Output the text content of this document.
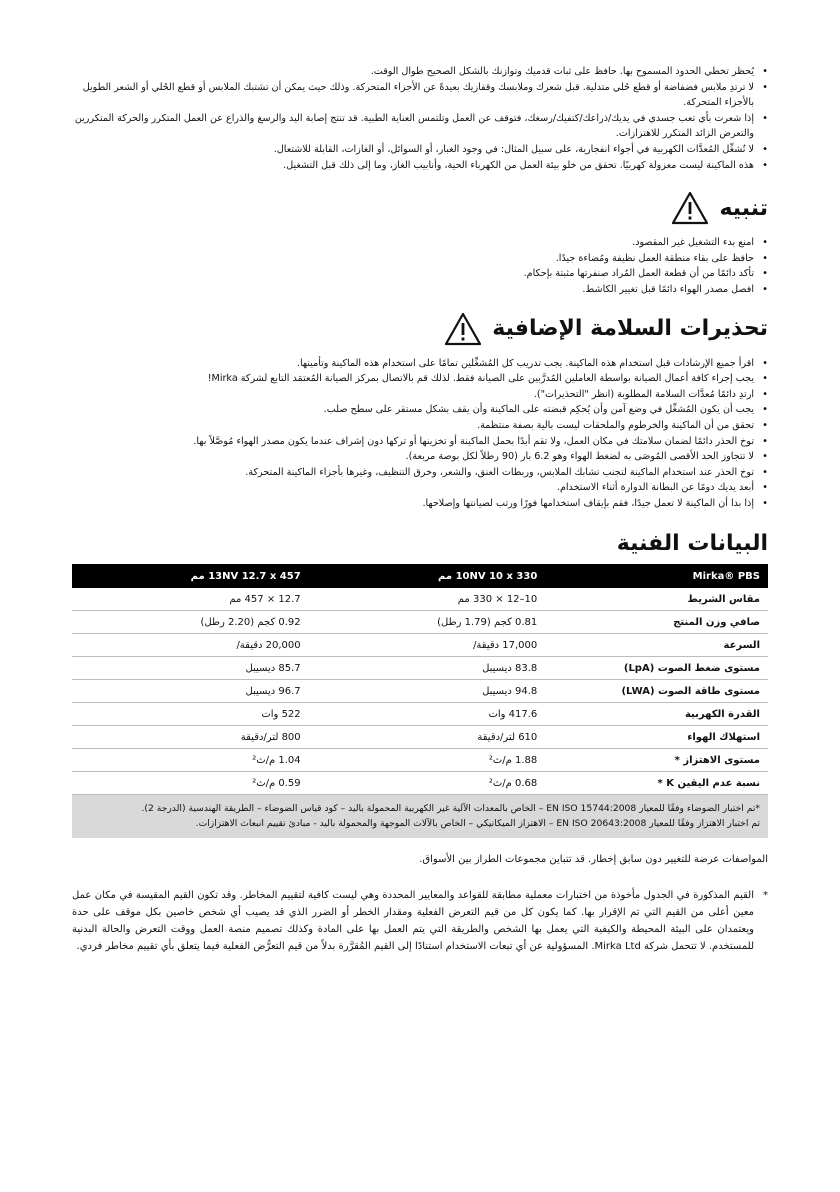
• يُحظر تخطي الحدود المسموح بها. حافظ على ثبات قدميك وتوازنك بالشكل الصحيح طوال الوقت.
• لا ترتدِ ملابس فضفاضة أو قطع حُلي متدلية. قبل شعرك وملابسك وقفازيك بعيدةً عن الأجزاء المتحركة. وذلك حيث يمكن أن تشتبك الملابس أو قطع الحُلي أو الشعر الطويل بالأجزاء المتحركة.
• إذا شعرت بأي تعب جسدي في يديك/ذراعك/كتفيك/رسغك، فتوقف عن العمل وتلتمس العناية الطبية. قد تنتج إصابة اليد والرسغ والذراع عن العمل المتكرر والحركة المتكررين والتعرض الزائد المتكرر للاهتزازات.
• لا تُشغِّل المُعدَّات الكهربية في أجواء انفجارية، على سبيل المثال: في وجود الغبار، أو السوائل، أو الغازات، القابلة للاشتعال.
• هذه الماكينة ليست معزولة كهربيًا. تحقق من خلو بيئة العمل من الكهرباء الحية، وأنابيب الغاز، وما إلى ذلك قبل التشغيل.
تنبيه
• امنع بدء التشغيل غير المقصود.
• حافظ على بقاء منطقة العمل نظيفة ومُضاءة جيدًا.
• تأكد دائمًا من أن قطعة العمل المُراد صنفرتها مثبتة بإحكام.
• افصل مصدر الهواء دائمًا قبل تغيير الكاشط.
تحذيرات السلامة الإضافية
• اقرأ جميع الإرشادات قبل استخدام هذه الماكينة. يجب تدريب كل المُشغِّلين تمامًا على استخدام هذه الماكينة وتأمينها.
• يجب إجراء كافة أعمال الصيانة بواسطة العاملين المُدرَّبين على الصيانة فقط. لذلك قم بالاتصال بمركز الصيانة المُعتمَد التابع لشركة Mirka!
• ارتدِ دائمًا مُعدَّات السلامة المطلوبة (انظر "التحذيرات").
• يجب أن يكون المُشغِّل في وضع آمن وأن يُحكِم قبضته على الماكينة وأن يقف بشكل مستقر على سطح صلب.
• تحقق من أن الماكينة والخرطوم والملحقات ليست بالية بصفة منتظمة.
• توخ الحذر دائمًا لضمان سلامتك في مكان العمل، ولا تقم أبدًا بحمل الماكينة أو تخزينها أو تركها دون إشراف عندما يكون مصدر الهواء مُوصَّلاً بها.
• لا تتجاوز الحد الأقصى المُوصَى به لضغط الهواء وهو 6.2 بار (90 رطلاً لكل بوصة مربعة).
• توخ الحذر عند استخدام الماكينة لتجنب تشابك الملابس، وربطات العنق، والشعر، وخرق التنظيف، وغيرها بأجزاء الماكينة المتحركة.
• أبعد يديك دومًا عن البطانة الدوارة أثناء الاستخدام.
• إذا بدا أن الماكينة لا تعمل جيدًا، فقم بإيقاف استخدامها فورًا ورتب لصيانتها وإصلاحها.
البيانات الفنية
Mirka® PBS	10NV 10 x 330 مم	13NV 12.7 x 457 مم
مقاس الشريط	10–12 × 330 مم	12.7 × 457 مم
صافي وزن المنتج	0.81 كجم (1.79 رطل)	0.92 كجم (2.20 رطل)
السرعة	17,000 دقيقة/	20,000 دقيقة/
مستوى ضغط الصوت (LpA)	83.8 ديسيبل	85.7 ديسيبل
مستوى طاقة الصوت (LWA)	94.8 ديسيبل	96.7 ديسيبل
القدرة الكهربية	417.6 وات	522 وات
استهلاك الهواء	610 لتر/دقيقة	800 لتر/دقيقة
مستوى الاهتزاز *	1.88 م/ث²	1.04 م/ث²
نسبة عدم اليقين K *	0.68 م/ث²	0.59 م/ث²
*تم اختبار الضوضاء وفقًا للمعيار EN ISO 15744:2008 – الخاص بالمعدات الآلية غير الكهربية المحمولة باليد – كود قياس الضوضاء – الطريقة الهندسية (الدرجة 2).
تم اختبار الاهتزاز وفقًا للمعيار EN ISO 20643:2008 – الاهتزاز الميكانيكي – الخاص بالآلات الموجهة والمحمولة باليد - مبادئ تقييم انبعاث الاهتزازات.
المواصفات عرضة للتغيير دون سابق إخطار. قد تتباين مجموعات الطراز بين الأسواق.
*
القيم المذكورة في الجدول مأخوذة من اختبارات معملية مطابقة للقواعد والمعايير المحددة وهي ليست كافية لتقييم المخاطر. وقد تكون القيم المقيسة في مكان عمل معين أعلى من القيم التي تم الإقرار بها. كما يكون كل من قيم التعرض الفعلية ومقدار الخطر أو الضرر الذي قد يصيب أي شخص خاصين بكل موقف على حدة ويعتمدان على البيئة المحيطة والكيفية التي يعمل بها الشخص والطريقة التي يتم العمل بها على المادة وكذلك تصميم منصة العمل ووقت التعرض والحالة البدنية للمستخدم. لا تتحمل شركة Mirka Ltd. المسؤولية عن أي تبعات الاستخدام استنادًا إلى القيم المُقرَّرة بدلاً من قيم التعرُّض الفعلية فيما يتعلق بأي تقييم مخاطر فردي.
